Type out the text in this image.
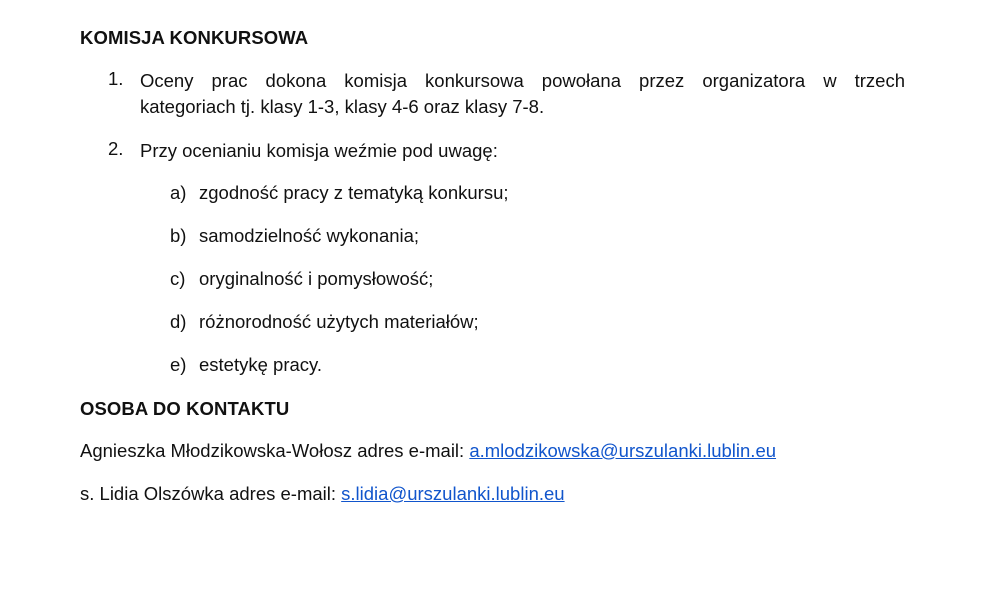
KOMISJA KONKURSOWA
1. Oceny prac dokona komisja konkursowa powołana przez organizatora w trzech
kategoriach tj. klasy 1-3, klasy 4-6 oraz klasy 7-8.
2. Przy ocenianiu komisja weźmie pod uwagę:
a) zgodność pracy z tematyką konkursu;
b) samodzielność wykonania;
c) oryginalność i pomysłowość;
d) różnorodność użytych materiałów;
e) estetykę pracy.
OSOBA DO KONTAKTU
Agnieszka Młodzikowska-Wołosz adres e-mail: a.mlodzikowska@urszulanki.lublin.eu
s. Lidia Olszówka adres e-mail: s.lidia@urszulanki.lublin.eu
